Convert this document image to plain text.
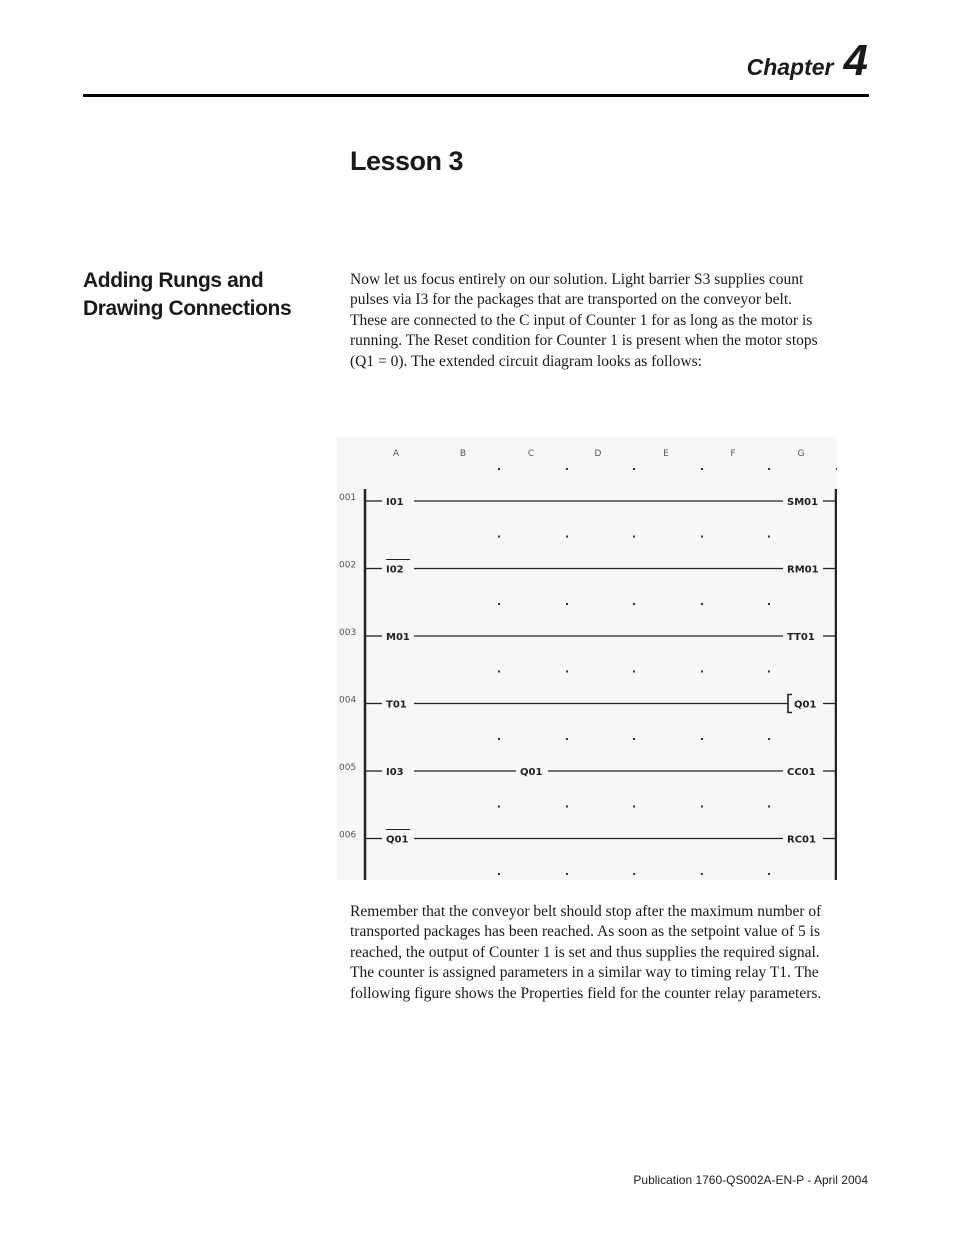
Chapter 4
Lesson 3
Adding Rungs and Drawing Connections

Now let us focus entirely on our solution. Light barrier S3 supplies count pulses via I3 for the packages that are transported on the conveyor belt. These are connected to the C input of Counter 1 for as long as the motor is running. The Reset condition for Counter 1 is present when the motor stops (Q1 = 0). The extended circuit diagram looks as follows:

A	B	C	D	E	F	G
001	I01	SM01
002	I02	RM01
003	M01	TT01
004	T01	Q01
005	I03	Q01	CC01
006	Q01	RC01

Remember that the conveyor belt should stop after the maximum number of transported packages has been reached. As soon as the setpoint value of 5 is reached, the output of Counter 1 is set and thus supplies the required signal. The counter is assigned parameters in a similar way to timing relay T1. The following figure shows the Properties field for the counter relay parameters.

Publication 1760-QS002A-EN-P - April 2004
